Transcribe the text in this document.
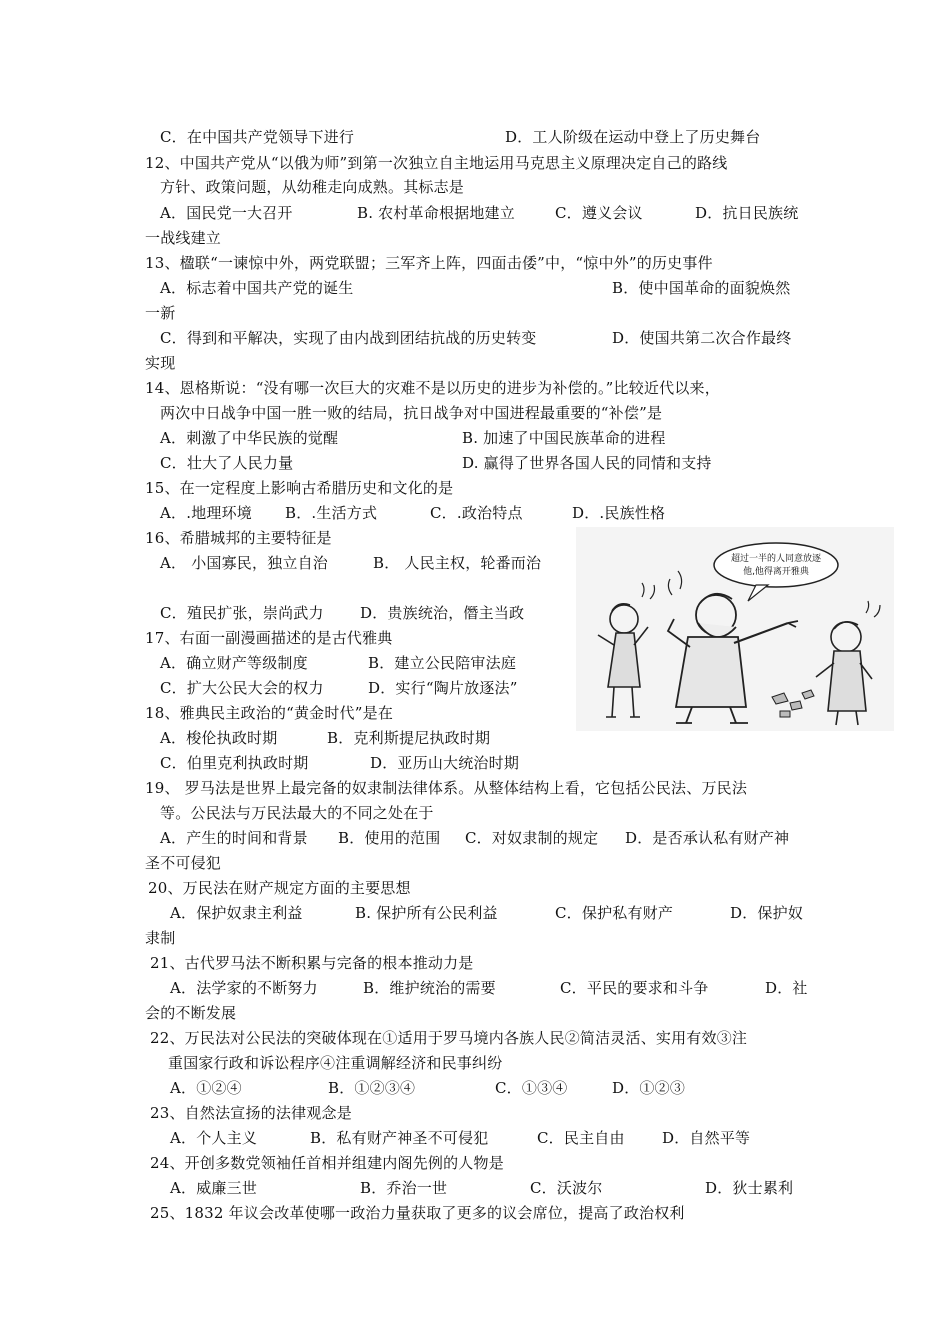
C．在中国共产党领导下进行	D．工人阶级在运动中登上了历史舞台
12、中国共产党从“以俄为师”到第一次独立自主地运用马克思主义原理决定自己的路线
方针、政策问题，从幼稚走向成熟。其标志是
A．国民党一大召开	B. 农村革命根据地建立	C．遵义会议	D．抗日民族统
一战线建立
13、楹联“一谏惊中外，两党联盟；三军齐上阵，四面击倭”中，“惊中外”的历史事件
A．标志着中国共产党的诞生	B．使中国革命的面貌焕然
一新
C．得到和平解决，实现了由内战到团结抗战的历史转变	D．使国共第二次合作最终
实现
14、恩格斯说：“没有哪一次巨大的灾难不是以历史的进步为补偿的。”比较近代以来，
两次中日战争中国一胜一败的结局，抗日战争对中国进程最重要的“补偿”是
A．刺激了中华民族的觉醒	B. 加速了中国民族革命的进程
C．壮大了人民力量	D. 赢得了世界各国人民的同情和支持
15、在一定程度上影响古希腊历史和文化的是
A．.地理环境 B．.生活方式	C．.政治特点	D．.民族性格
16、希腊城邦的主要特征是
A． 小国寡民，独立自治	B． 人民主权，轮番而治
C．殖民扩张，崇尚武力 D．贵族统治，僭主当政
17、右面一副漫画描述的是古代雅典
A．确立财产等级制度	B．建立公民陪审法庭
C．扩大公民大会的权力	D．实行“陶片放逐法”
18、雅典民主政治的“黄金时代”是在
A．梭伦执政时期	B．克利斯提尼执政时期
C．伯里克利执政时期	D．亚历山大统治时期
19、 罗马法是世界上最完备的奴隶制法律体系。从整体结构上看，它包括公民法、万民法
等。公民法与万民法最大的不同之处在于
A．产生的时间和背景 B．使用的范围 C．对奴隶制的规定 D．是否承认私有财产神
圣不可侵犯
20、万民法在财产规定方面的主要思想
A．保护奴隶主利益	B. 保护所有公民利益	C．保护私有财产	D．保护奴
隶制
21、古代罗马法不断积累与完备的根本推动力是
A．法学家的不断努力	B．维护统治的需要	C．平民的要求和斗争	D．社
会的不断发展
22、万民法对公民法的突破体现在①适用于罗马境内各族人民②简洁灵活、实用有效③注
重国家行政和诉讼程序④注重调解经济和民事纠纷
A．①②④	B．①②③④	C．①③④	D．①②③
23、自然法宣扬的法律观念是
A．个人主义	B．私有财产神圣不可侵犯	C．民主自由 D．自然平等
24、开创多数党领袖任首相并组建内阁先例的人物是
A．威廉三世	B．乔治一世	C．沃波尔	D．狄士累利
25、1832 年议会改革使哪一政治力量获取了更多的议会席位，提高了政治权利
超过一半的人同意放逐
他,他得离开雅典
